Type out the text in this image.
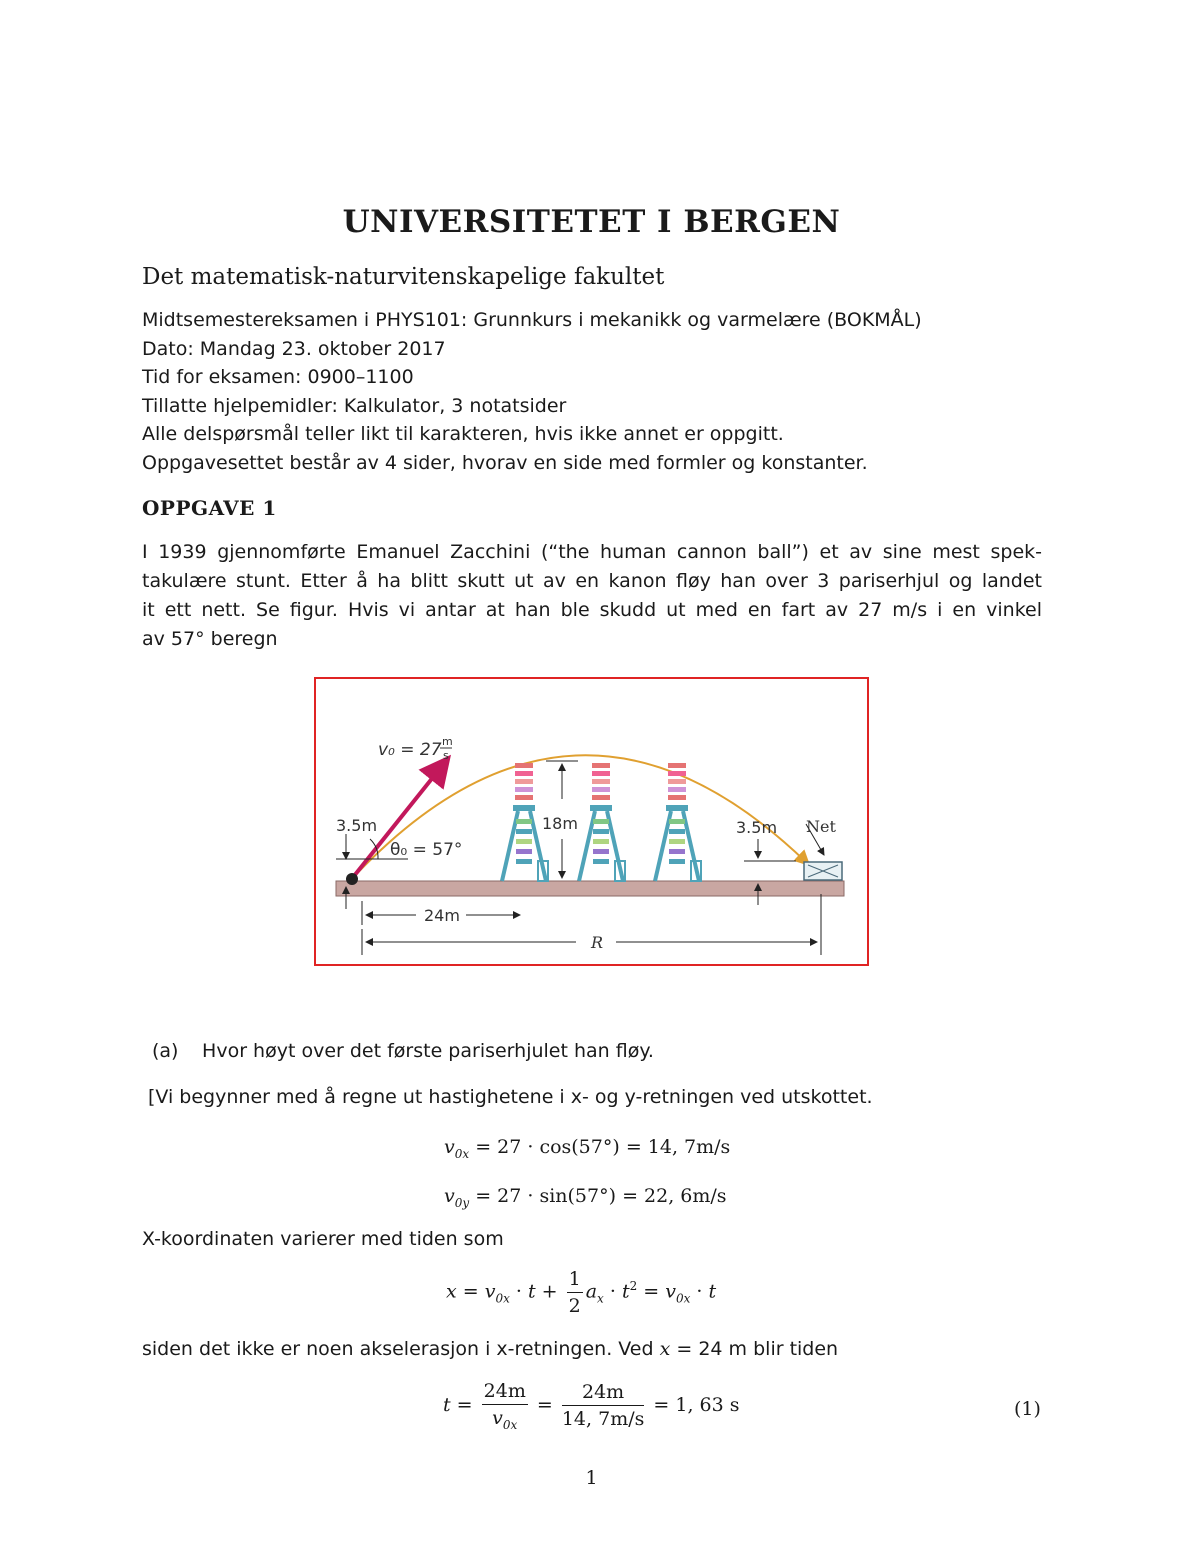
UNIVERSITETET I BERGEN
Det matematisk-naturvitenskapelige fakultet
Midtsemestereksamen i PHYS101: Grunnkurs i mekanikk og varmelære (BOKMÅL)
Dato: Mandag 23. oktober 2017
Tid for eksamen: 0900–1100
Tillatte hjelpemidler: Kalkulator, 3 notatsider
Alle delspørsmål teller likt til karakteren, hvis ikke annet er oppgitt.
Oppgavesettet består av 4 sider, hvorav en side med formler og konstanter.
OPPGAVE 1
I 1939 gjennomførte Emanuel Zacchini (“the human cannon ball”) et av sine mest spek-
takulære stunt. Etter å ha blitt skutt ut av en kanon fløy han over 3 pariserhjul og landet
it ett nett. Se figur. Hvis vi antar at han ble skudd ut med en fart av 27 m/s i en vinkel
av 57° beregn
v₀ = 27 m
s
3.5m
θ₀ = 57°
18m	3.5m Net
24m
R
(a) Hvor høyt over det første pariserhjulet han fløy.
[Vi begynner med å regne ut hastighetene i x- og y-retningen ved utskottet.
$v_{0x} = 27 \cdot \cos(57^\circ) = 14$, 7m/s
$v_{0y} = 27 \cdot \sin(57^\circ) = 22$, 6m/s
X-koordinaten varierer med tiden som
$x = v_{0x} \cdot t + \frac{1}{2} a_x \cdot t^2 = v_{0x} \cdot t$
siden det ikke er noen akselerasjon i x-retningen. Ved x = 24 m blir tiden
$t = \frac{24m}{v_{0x}} = \frac{24m}{14, 7m/s} = 1$, 63 s	(1)
1
